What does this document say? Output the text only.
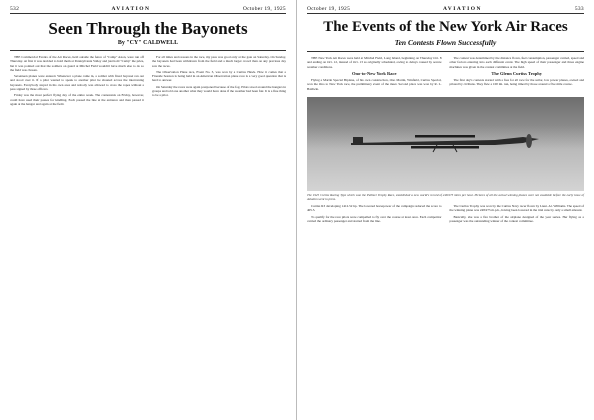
532	AVIATION	October 19, 1925
Seen Through the Bayonets
By "CY" CALDWELL

THE Commercial Events of the Air Races, held outside the fence of "Camp" Anon, were run off Thursday. At first it was decided to hold them at Pennsylvania Valley and just hold "Camp" the prize, but it was pointed out that the soldiers on guard at Mitchel Field wouldn't have much else to do so the field was chosen.

Seventeen planes were entered. Whenever a plane came in, a soldier with fixed bayonet ran out and stood over it. If a pilot wanted to speak to another pilot he shouted across the intervening bayonets. Everybody stayed in his own area and nobody was allowed to cross the ropes without a pass signed by three officers.

Friday was the most perfect flying day of the entire week. The contestants on Friday, however, could have used their passes for kindling. Each passed the line at the entrance and then passed it again at the hangar and again at the field.

For all times and reasons in the race, my pass was good only at the gate on Saturday. On Sunday, the bayonets had been withdrawn from the field and a much larger crowd than on any previous day saw the races.

The Observation Plane race, Event No. 3, was won by a Curtiss Hawk. How it comes that a Fireside Session is being held in an American Observation plane race is a very good question that is hard to answer.

On Saturday the races were again postponed because of the fog. Pilots stood around the hangars in groups and told one another what they would have done if the weather had been fair. It is a fine thing to be a pilot.

October 19, 1925	AVIATION	533
The Events of the New York Air Races
Ten Contests Flown Successfully

THE New York Air Races were held at Mitchel Field, Long Island, beginning on Thursday Oct. 8 and ending on Oct. 12, instead of Oct. 13 as originally scheduled, owing to delays caused by severe weather conditions.

Ono-to-New York Race

Flying a Martin Special Biplane, of his own construction, Ono Martin, Winfield, Curtiss Special, won the Ono to New York race, the preliminary event of the meet. Second place was won by R. L. Baldwin.

The contest was determined by the distance flown, fuel consumption, passenger carried, speed and other factors entering into each different event. The high speed of their passenger and three engine machines was given in the contest committee at the field.

The Glenn Curtiss Trophy

The first day's contests started with a free for all race for the sailor, low power planes, owned and piloted by civilians. They flew a 100 mi. run, being timed by those around a five mile course.

The 1925 Curtiss Racing Type which won the Pulitzer Trophy Race, established a new world's record of 248.975 miles per hour. Pictures of all the actual winning planes were not available before the early issue of Aviation went to press.

Curtiss R3 developing 1412.52 hp. The lowered horsepower of the campaign reduced the score to 405.5.

To qualify for the race pilots were compelled to fly over the course at least once. Each competitor carried the ordinary passenger and started from the line.

The Curtiss Trophy was won by the Curtiss Navy racer flown by Lieut. Al. Williams. The speed of the winning plane was 248.975 m.p.h., having been lowered in the trial runs by only a small amount.

Basically, she was a fire brother of the airplane designed of the year series. Her flying as a passenger was the outstanding winner of the contest committee.
